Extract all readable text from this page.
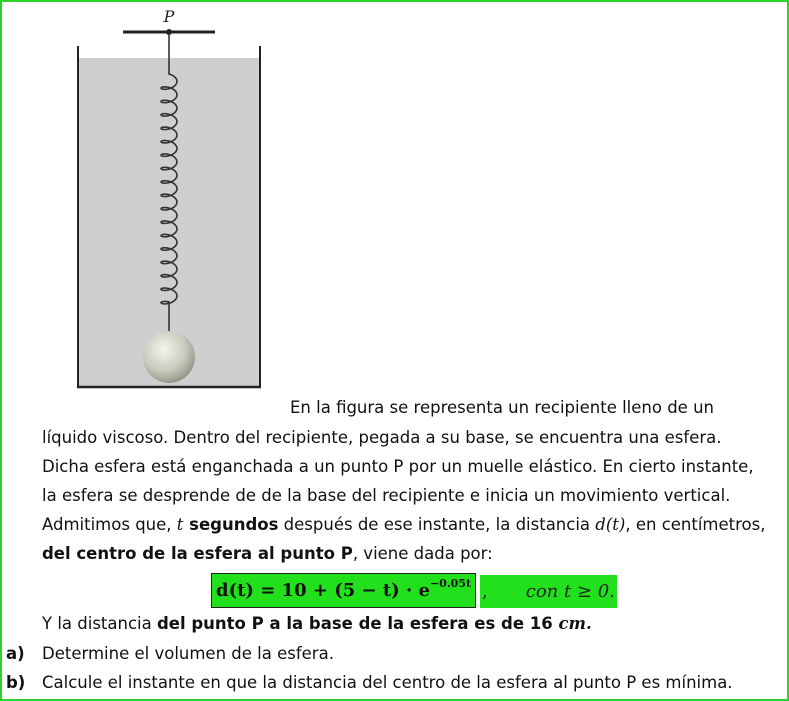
P
En la figura se representa un recipiente lleno de un
líquido viscoso. Dentro del recipiente, pegada a su base, se encuentra una esfera.
Dicha esfera está enganchada a un punto P por un muelle elástico. En cierto instante,
la esfera se desprende de de la base del recipiente e inicia un movimiento vertical.
Admitimos que, t segundos después de ese instante, la distancia d(t), en centímetros,
del centro de la esfera al punto P, viene dada por:
$d(t) = 10 + (5 - t) \cdot e^{-0.05t}$ , con t ≥ 0.
Y la distancia del punto P a la base de la esfera es de 16 cm.
a) Determine el volumen de la esfera.
b) Calcule el instante en que la distancia del centro de la esfera al punto P es mínima.
